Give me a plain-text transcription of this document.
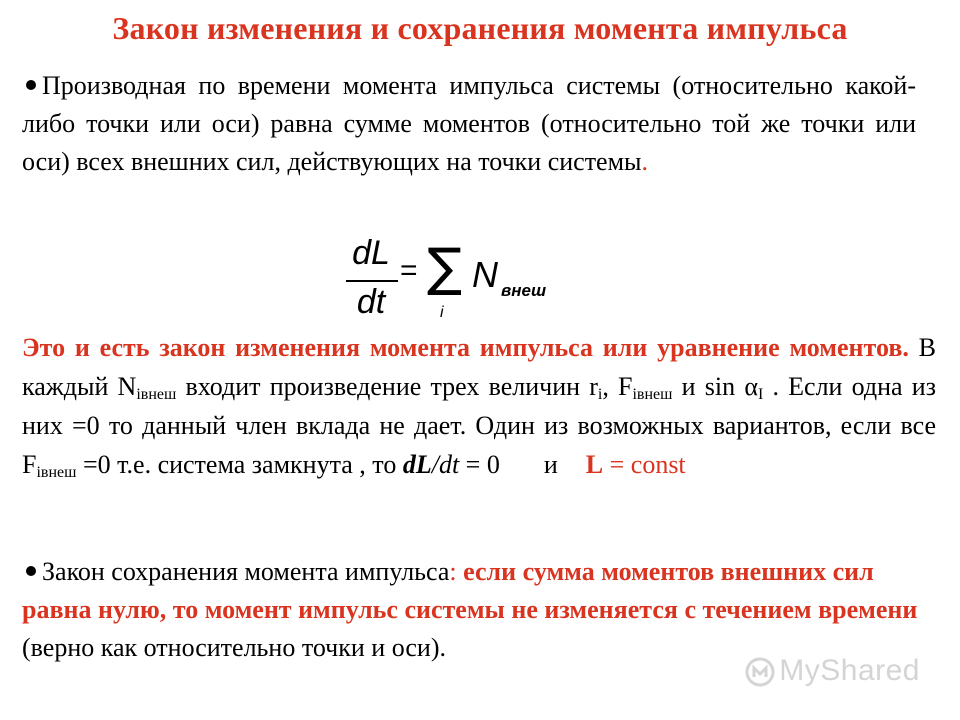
Закон изменения и сохранения момента импульса
Производная по времени момента импульса системы (относительно какой-либо точки или оси) равна сумме моментов (относительно той же точки или оси) всех внешних сил, действующих на точки системы.
dL
dt
= ∑
i
N внеш
Это и есть закон изменения момента импульса или уравнение моментов. В каждый $N_{iвнеш}$ входит произведение трех величин $r_i$, $F_{iвнеш}$ и $\sin \alpha_I$ . Если одна из них =0 то данный член вклада не дает. Один из возможных вариантов, если все $F_{iвнеш} =0$ т.е. система замкнута , то dL/dt = 0 и L = const
Закон сохранения момента импульса: если сумма моментов внешних сил равна нулю, то момент импульс системы не изменяется с течением времени (верно как относительно точки и оси).
MyShared
